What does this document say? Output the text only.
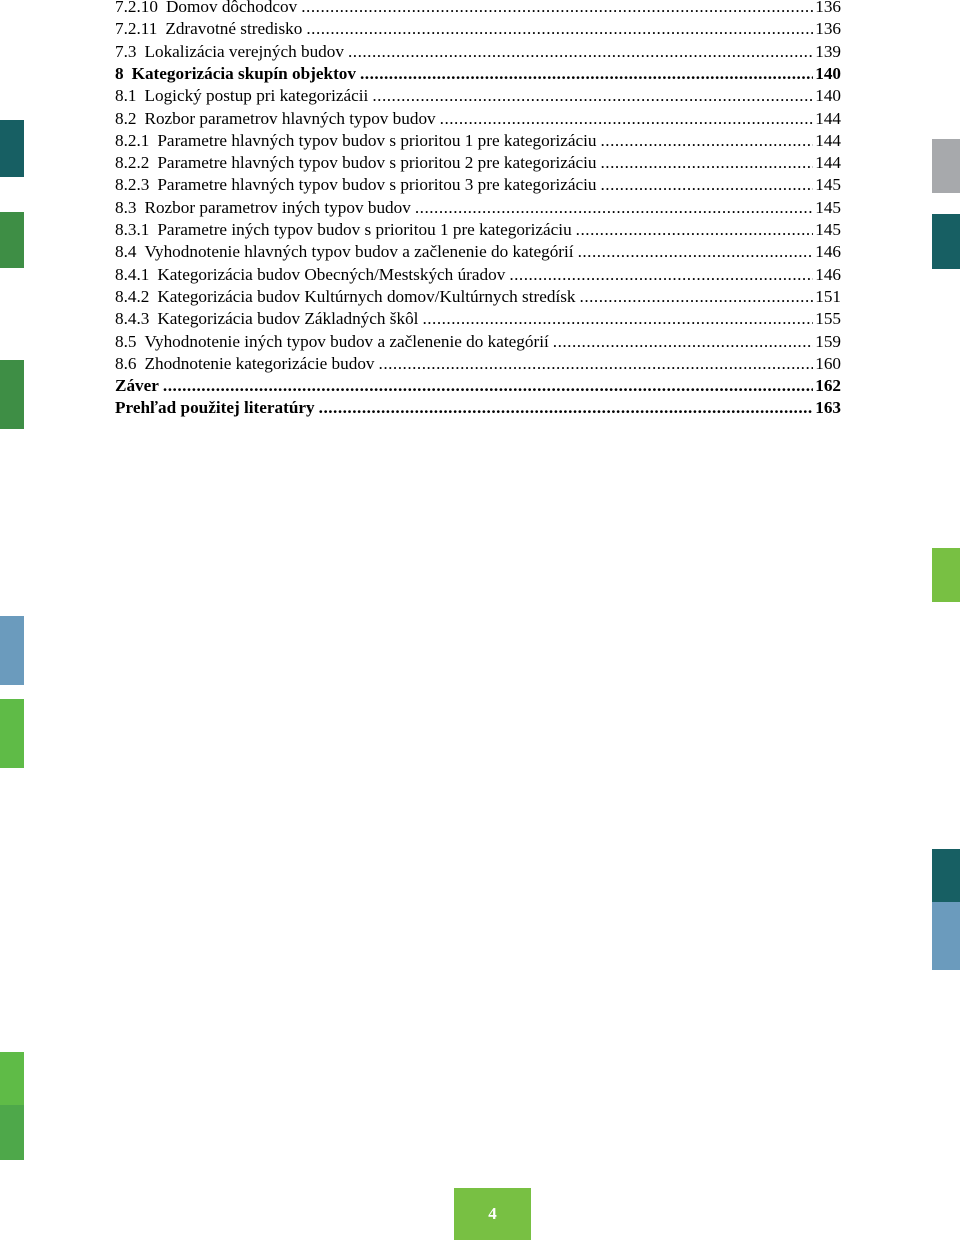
7.2.10 Domov dôchodcov .....	136
7.2.11 Zdravotné stredisko .....	136
7.3 Lokalizácia verejných budov .....	139
8 Kategorizácia skupín objektov .....	140
8.1 Logický postup pri kategorizácii .....	140
8.2 Rozbor parametrov hlavných typov budov .....	144
8.2.1 Parametre hlavných typov budov s prioritou 1 pre kategorizáciu .....	144
8.2.2 Parametre hlavných typov budov s prioritou 2 pre kategorizáciu .....	144
8.2.3 Parametre hlavných typov budov s prioritou 3 pre kategorizáciu .....	145
8.3 Rozbor parametrov iných typov budov .....	145
8.3.1 Parametre iných typov budov s prioritou 1 pre kategorizáciu .....	145
8.4 Vyhodnotenie hlavných typov budov a začlenenie do kategórií .....	146
8.4.1 Kategorizácia budov Obecných/Mestských úradov .....	146
8.4.2 Kategorizácia budov Kultúrnych domov/Kultúrnych stredísk .....	151
8.4.3 Kategorizácia budov Základných škôl .....	155
8.5 Vyhodnotenie iných typov budov a začlenenie do kategórií .....	159
8.6 Zhodnotenie kategorizácie budov .....	160
Záver .....	162
Prehľad použitej literatúry .....	163
4
